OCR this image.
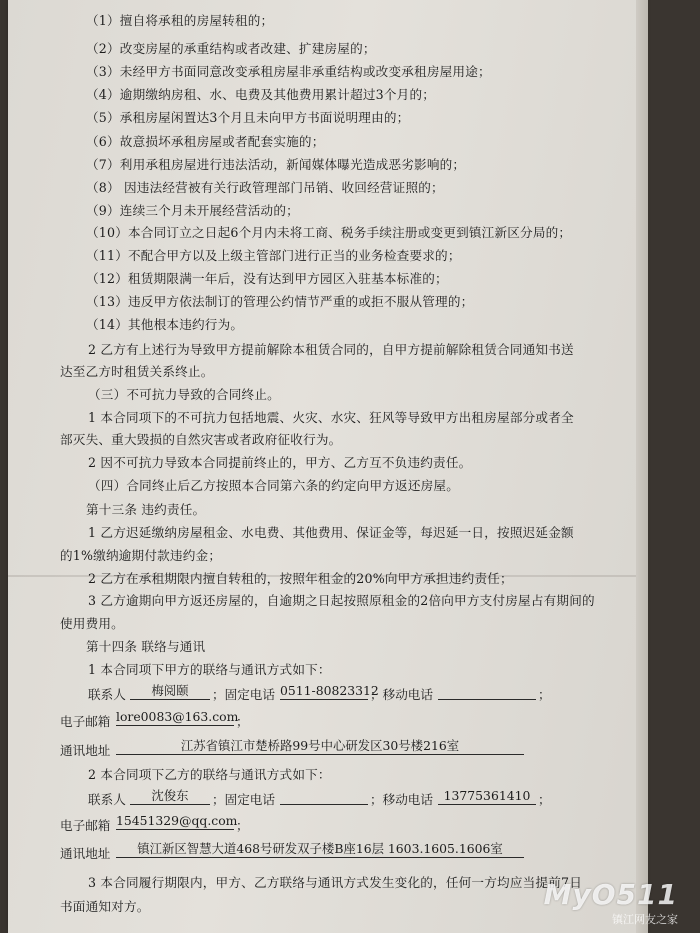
（1）擅自将承租的房屋转租的；
（2）改变房屋的承重结构或者改建、扩建房屋的；
（3）未经甲方书面同意改变承租房屋非承重结构或改变承租房屋用途；
（4）逾期缴纳房租、水、电费及其他费用累计超过3个月的；
（5）承租房屋闲置达3个月且未向甲方书面说明理由的；
（6）故意损坏承租房屋或者配套实施的；
（7）利用承租房屋进行违法活动，新闻媒体曝光造成恶劣影响的；
（8） 因违法经营被有关行政管理部门吊销、收回经营证照的；
（9）连续三个月未开展经营活动的；
（10）本合同订立之日起6个月内未将工商、税务手续注册或变更到镇江新区分局的；
（11）不配合甲方以及上级主管部门进行正当的业务检查要求的；
（12）租赁期限满一年后，没有达到甲方园区入驻基本标准的；
（13）违反甲方依法制订的管理公约情节严重的或拒不服从管理的；
（14）其他根本违约行为。
2 乙方有上述行为导致甲方提前解除本租赁合同的，自甲方提前解除租赁合同通知书送
达至乙方时租赁关系终止。
（三）不可抗力导致的合同终止。
1 本合同项下的不可抗力包括地震、火灾、水灾、狂风等导致甲方出租房屋部分或者全
部灭失、重大毁损的自然灾害或者政府征收行为。
2 因不可抗力导致本合同提前终止的，甲方、乙方互不负违约责任。
（四）合同终止后乙方按照本合同第六条的约定向甲方返还房屋。
第十三条 违约责任。
1 乙方迟延缴纳房屋租金、水电费、其他费用、保证金等，每迟延一日，按照迟延金额
的1%缴纳逾期付款违约金；
2 乙方在承租期限内擅自转租的，按照年租金的20%向甲方承担违约责任；
3 乙方逾期向甲方返还房屋的，自逾期之日起按照原租金的2倍向甲方支付房屋占有期间的
使用费用。
第十四条 联络与通讯
1 本合同项下甲方的联络与通讯方式如下：
联系人	梅阅颐	；固定电话 0511-80823312
；移动电话	；
电子邮箱 lore0083@163.com
；
通讯地址	江苏省镇江市楚桥路99号中心研发区30号楼216室
2 本合同项下乙方的联络与通讯方式如下：
联系人	沈俊东	；固定电话	；移动电话 13775361410 ；
电子邮箱 15451329@qq.com
；
通讯地址	镇江新区智慧大道468号研发双子楼B座16层 1603.1605.1606室
3 本合同履行期限内，甲方、乙方联络与通讯方式发生变化的，任何一方均应当提前7日
书面通知对方。	MyO511
镇江网友之家
